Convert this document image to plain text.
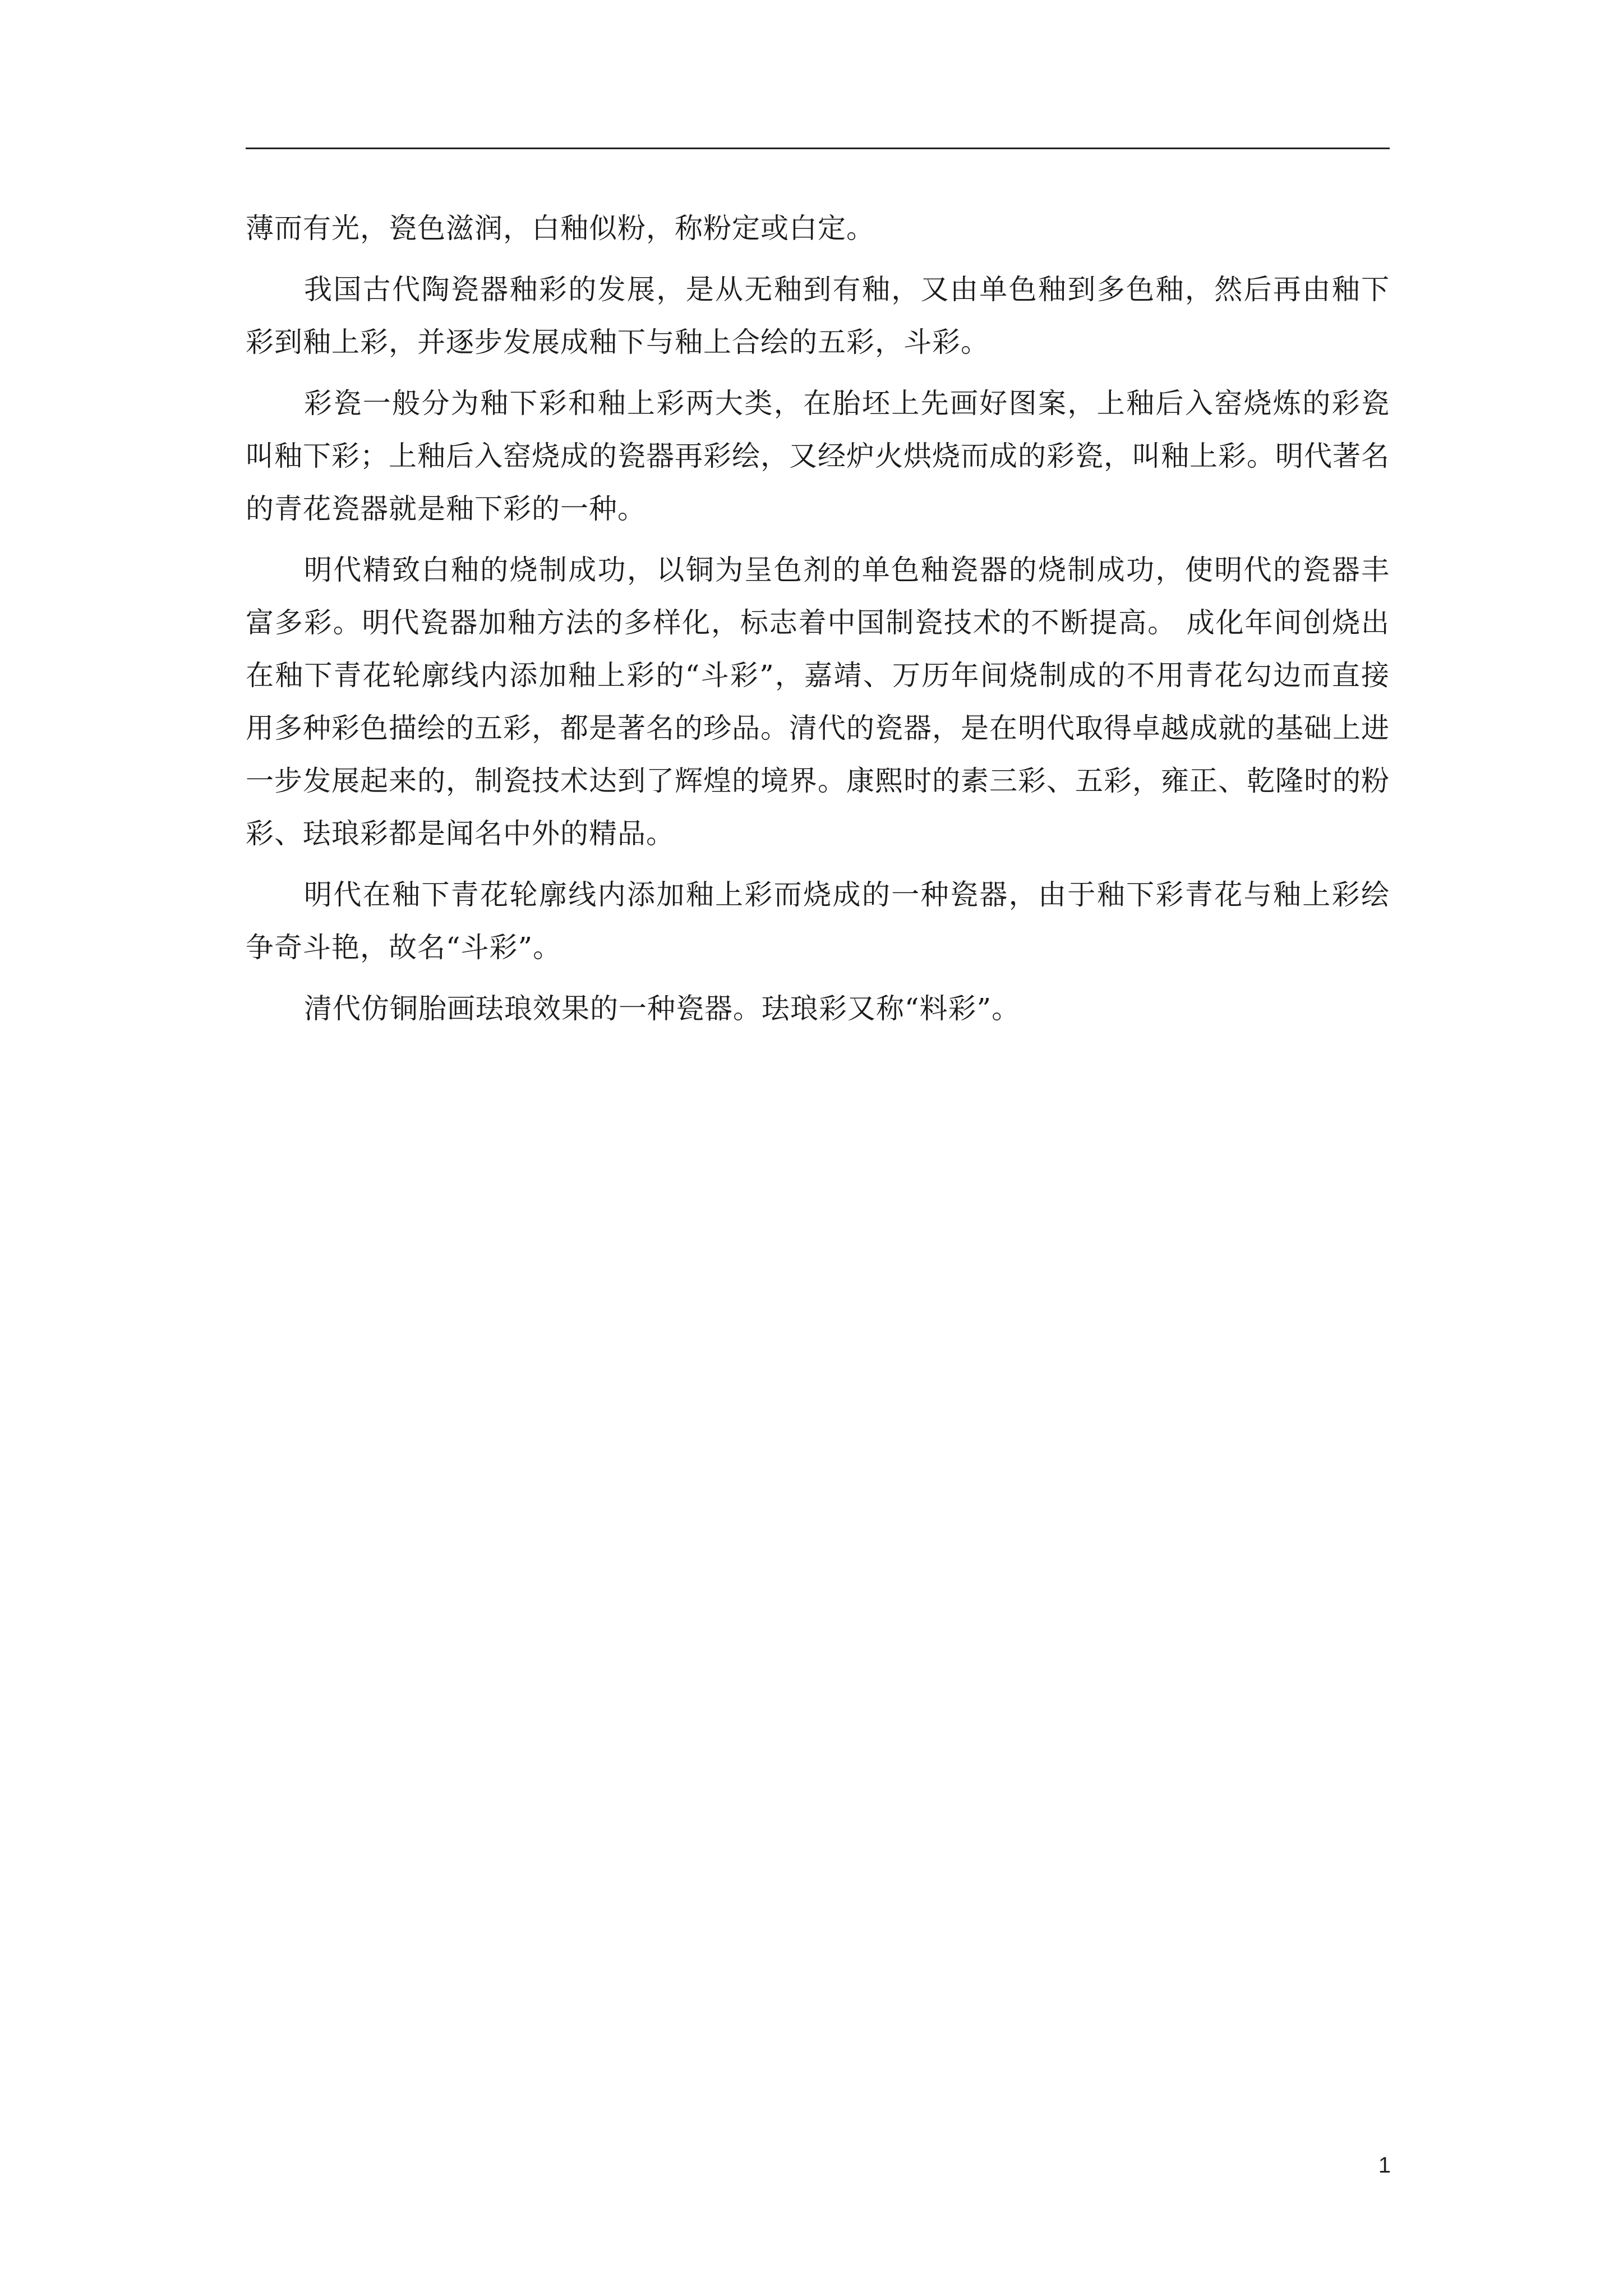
薄而有光，瓷色滋润，白釉似粉，称粉定或白定。

我国古代陶瓷器釉彩的发展，是从无釉到有釉，又由单色釉到多色釉，然后再由釉下彩到釉上彩，并逐步发展成釉下与釉上合绘的五彩，斗彩。

彩瓷一般分为釉下彩和釉上彩两大类，在胎坯上先画好图案，上釉后入窑烧炼的彩瓷叫釉下彩；上釉后入窑烧成的瓷器再彩绘，又经炉火烘烧而成的彩瓷，叫釉上彩。明代著名的青花瓷器就是釉下彩的一种。

明代精致白釉的烧制成功，以铜为呈色剂的单色釉瓷器的烧制成功，使明代的瓷器丰富多彩。明代瓷器加釉方法的多样化，标志着中国制瓷技术的不断提高。 成化年间创烧出在釉下青花轮廓线内添加釉上彩的“斗彩”，嘉靖、万历年间烧制成的不用青花勾边而直接用多种彩色描绘的五彩，都是著名的珍品。清代的瓷器，是在明代取得卓越成就的基础上进一步发展起来的，制瓷技术达到了辉煌的境界。康熙时的素三彩、五彩，雍正、乾隆时的粉彩、珐琅彩都是闻名中外的精品。

明代在釉下青花轮廓线内添加釉上彩而烧成的一种瓷器，由于釉下彩青花与釉上彩绘争奇斗艳，故名“斗彩”。

清代仿铜胎画珐琅效果的一种瓷器。珐琅彩又称“料彩”。

1
